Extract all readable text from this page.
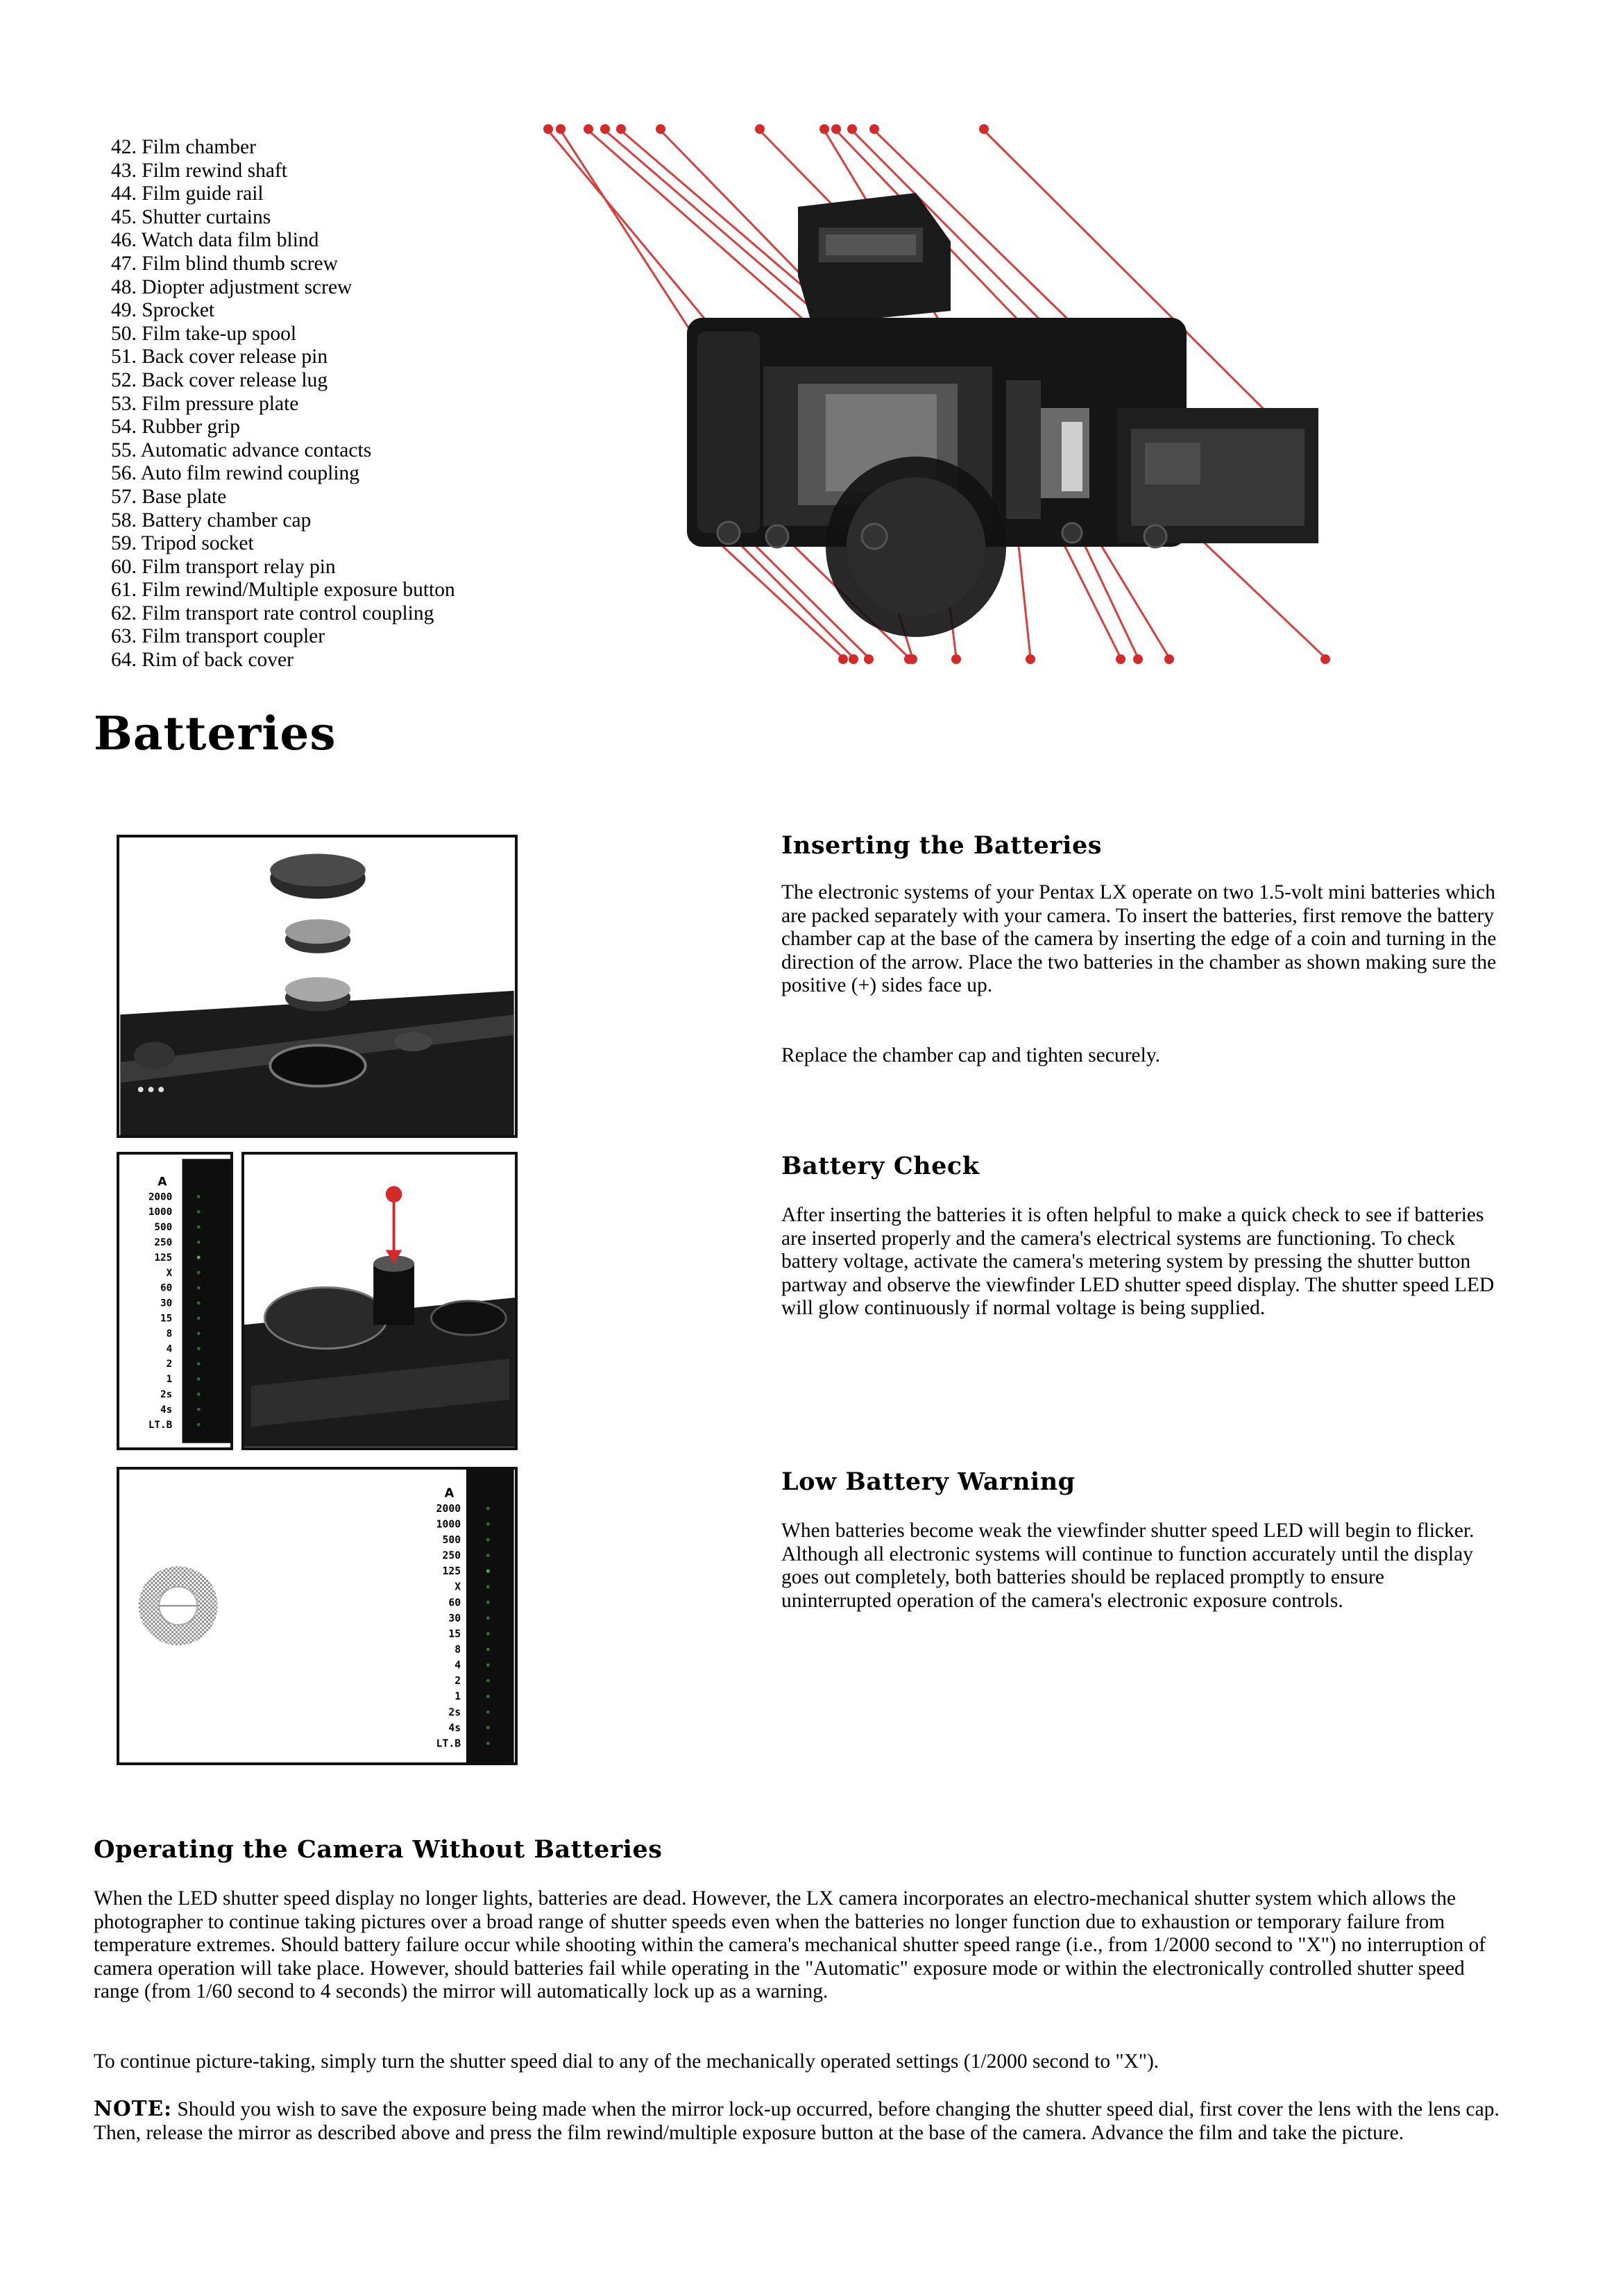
42. Film chamber
43. Film rewind shaft
44. Film guide rail
45. Shutter curtains
46. Watch data film blind
47. Film blind thumb screw
48. Diopter adjustment screw
49. Sprocket
50. Film take-up spool
51. Back cover release pin
52. Back cover release lug
53. Film pressure plate
54. Rubber grip
55. Automatic advance contacts
56. Auto film rewind coupling
57. Base plate
58. Battery chamber cap
59. Tripod socket
60. Film transport relay pin
61. Film rewind/Multiple exposure button
62. Film transport rate control coupling
63. Film transport coupler
64. Rim of back cover
Batteries
A
2000
1000
500
250
125
X
60
30
15
8
4
2
1
2s
4s
LT.B
A
2000
1000
500
250
125
X
60
30
15
8
4
2
1
2s
4s
LT.B
Inserting the Batteries

The electronic systems of your Pentax LX operate on two 1.5-volt mini batteries which are packed separately with your camera. To insert the batteries, first remove the battery chamber cap at the base of the camera by inserting the edge of a coin and turning in the direction of the arrow. Place the two batteries in the chamber as shown making sure the positive (+) sides face up.

Replace the chamber cap and tighten securely.

Battery Check

After inserting the batteries it is often helpful to make a quick check to see if batteries are inserted properly and the camera's electrical systems are functioning. To check battery voltage, activate the camera's metering system by pressing the shutter button partway and observe the viewfinder LED shutter speed display. The shutter speed LED will glow continuously if normal voltage is being supplied.

Low Battery Warning

When batteries become weak the viewfinder shutter speed LED will begin to flicker. Although all electronic systems will continue to function accurately until the display goes out completely, both batteries should be replaced promptly to ensure uninterrupted operation of the camera's electronic exposure controls.

Operating the Camera Without Batteries

When the LED shutter speed display no longer lights, batteries are dead. However, the LX camera incorporates an electro-mechanical shutter system which allows the photographer to continue taking pictures over a broad range of shutter speeds even when the batteries no longer function due to exhaustion or temporary failure from temperature extremes. Should battery failure occur while shooting within the camera's mechanical shutter speed range (i.e., from 1/2000 second to "X") no interruption of camera operation will take place. However, should batteries fail while operating in the "Automatic" exposure mode or within the electronically controlled shutter speed range (from 1/60 second to 4 seconds) the mirror will automatically lock up as a warning.

To continue picture-taking, simply turn the shutter speed dial to any of the mechanically operated settings (1/2000 second to "X").

NOTE: Should you wish to save the exposure being made when the mirror lock-up occurred, before changing the shutter speed dial, first cover the lens with the lens cap. Then, release the mirror as described above and press the film rewind/multiple exposure button at the base of the camera. Advance the film and take the picture.
